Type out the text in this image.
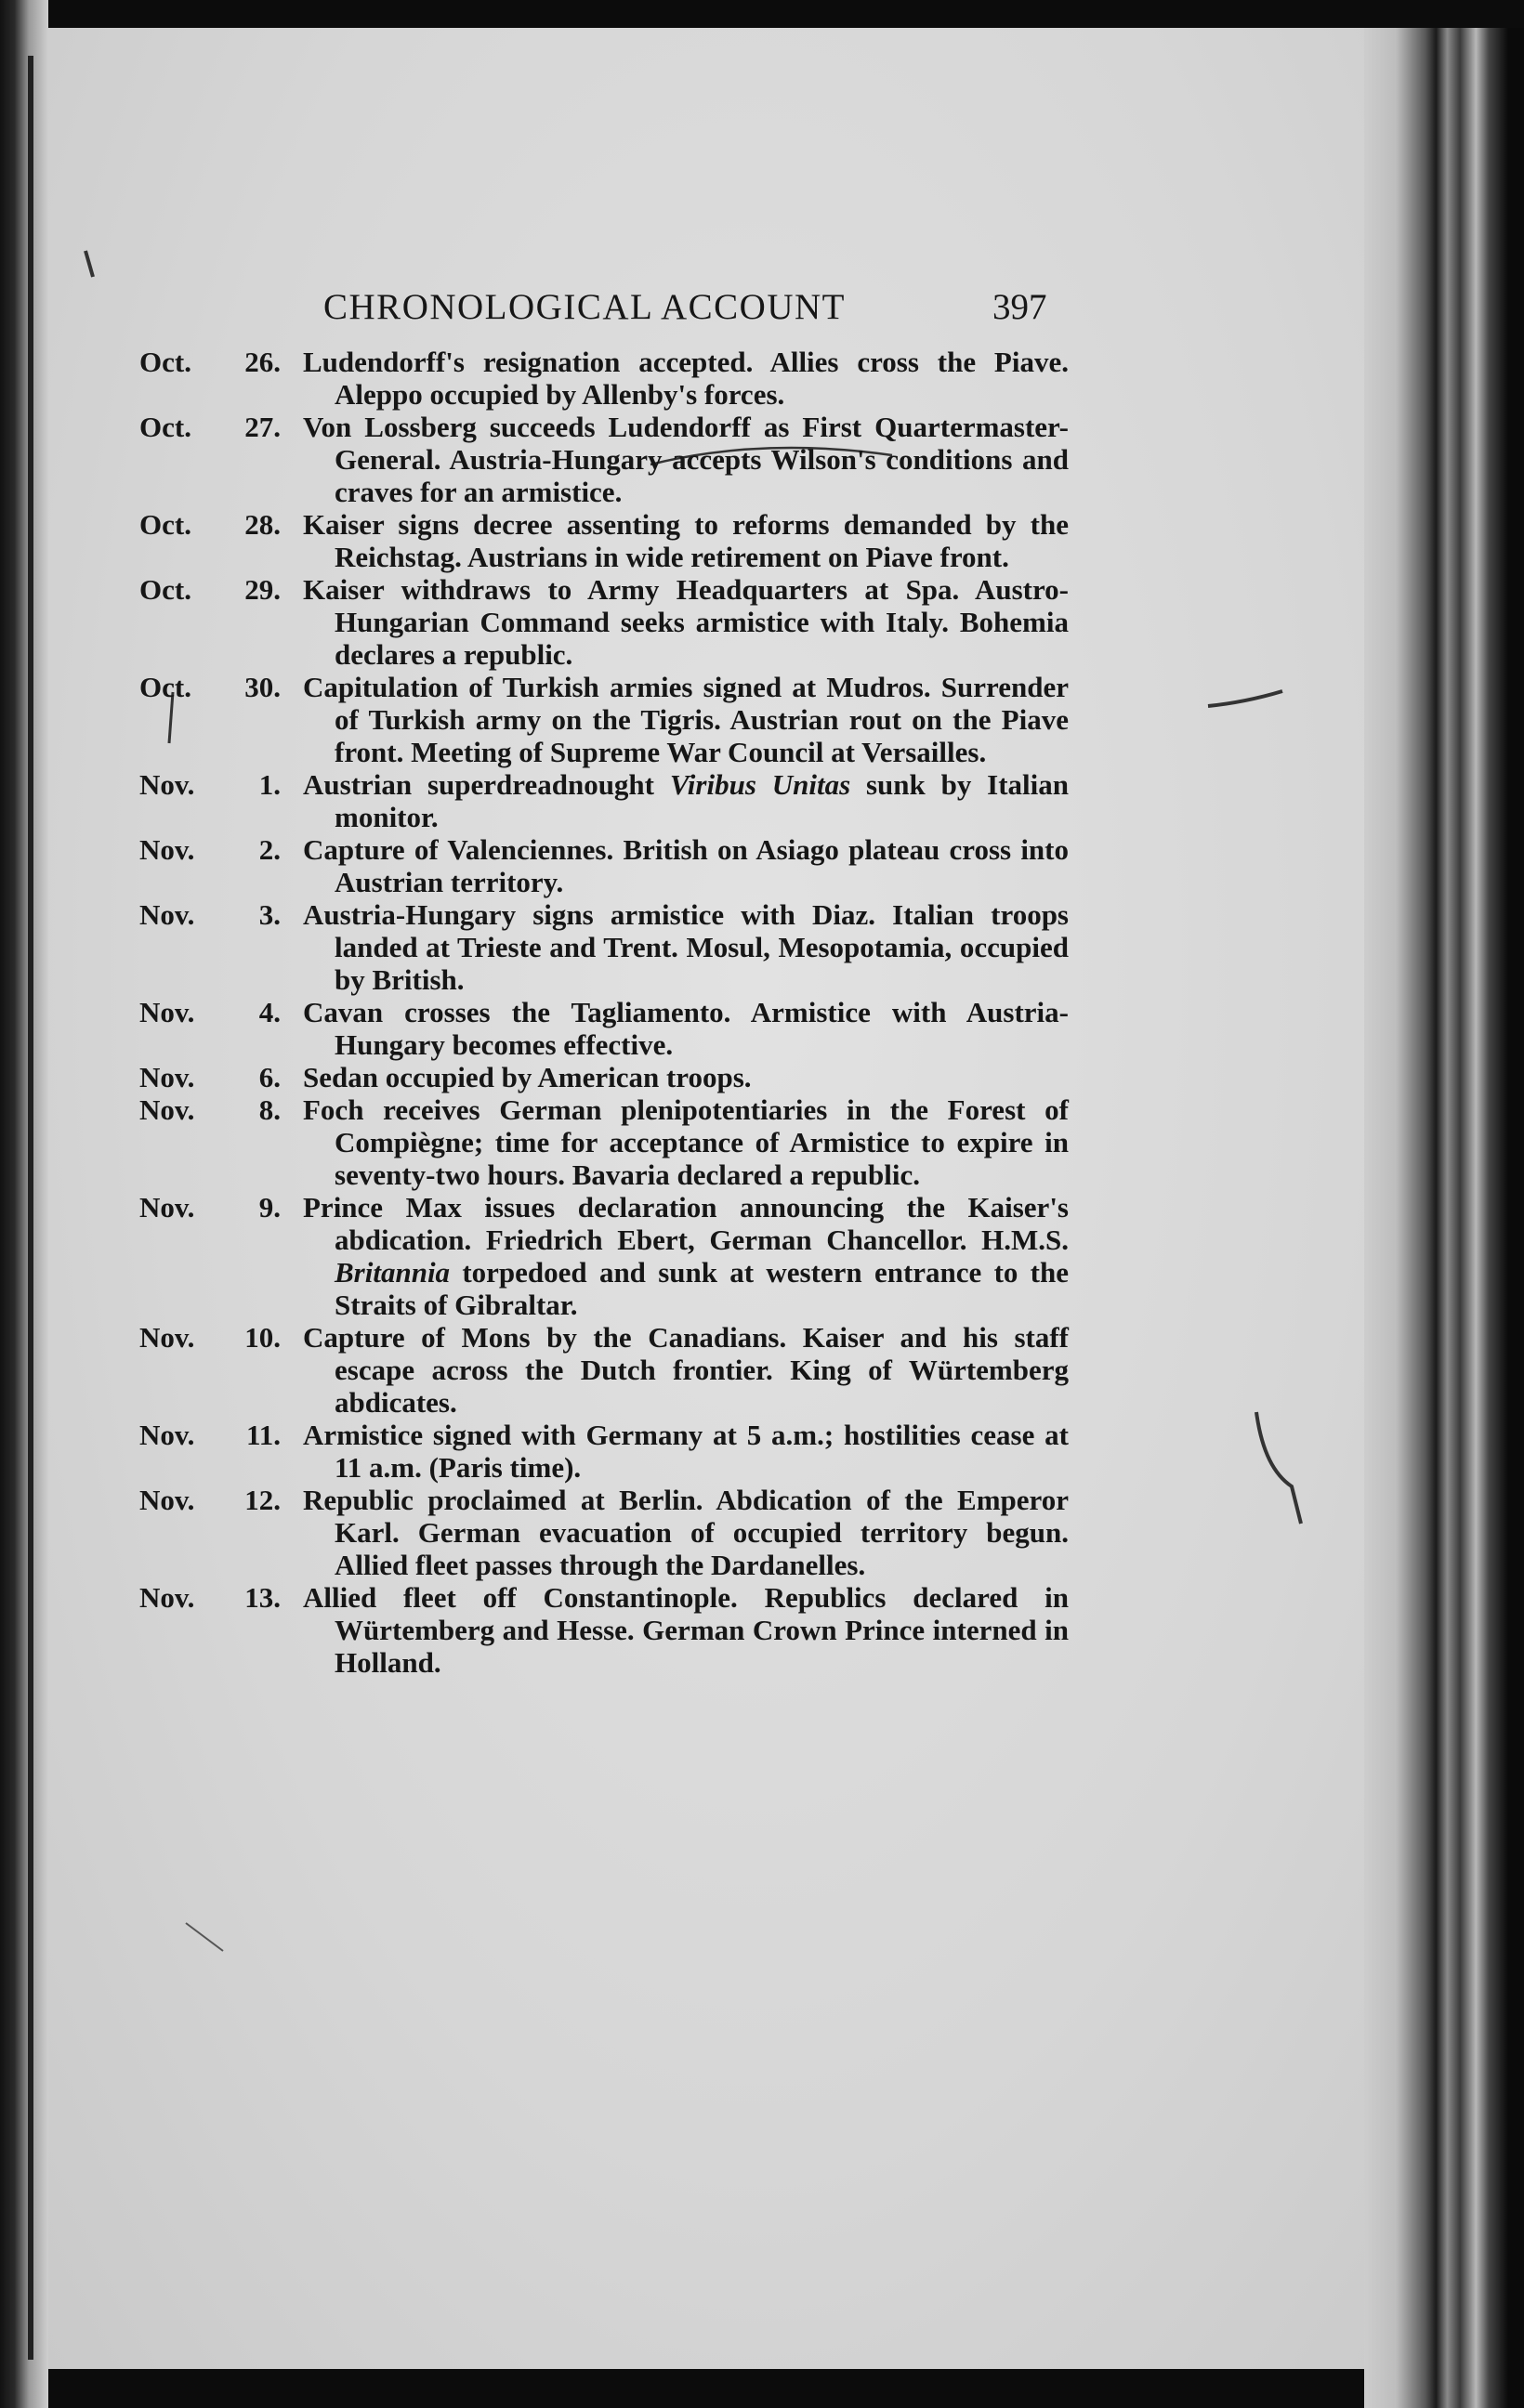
CHRONOLOGICAL ACCOUNT	397
Oct. 26. Ludendorff's resignation accepted. Allies cross the Piave. Aleppo occupied by Allenby's forces.
Oct. 27. Von Lossberg succeeds Ludendorff as First Quartermaster-General. Austria-Hungary accepts Wilson's conditions and craves for an armistice.
Oct. 28. Kaiser signs decree assenting to reforms demanded by the Reichstag. Austrians in wide retirement on Piave front.
Oct. 29. Kaiser withdraws to Army Headquarters at Spa. Austro-Hungarian Command seeks armistice with Italy. Bohemia declares a republic.
Oct. 30. Capitulation of Turkish armies signed at Mudros. Surrender of Turkish army on the Tigris. Austrian rout on the Piave front. Meeting of Supreme War Council at Versailles.
Nov. 1. Austrian superdreadnought Viribus Unitas sunk by Italian monitor.
Nov. 2. Capture of Valenciennes. British on Asiago plateau cross into Austrian territory.
Nov. 3. Austria-Hungary signs armistice with Diaz. Italian troops landed at Trieste and Trent. Mosul, Mesopotamia, occupied by British.
Nov. 4. Cavan crosses the Tagliamento. Armistice with Austria-Hungary becomes effective.
Nov. 6. Sedan occupied by American troops.
Nov. 8. Foch receives German plenipotentiaries in the Forest of Compiègne; time for acceptance of Armistice to expire in seventy-two hours. Bavaria declared a republic.
Nov. 9. Prince Max issues declaration announcing the Kaiser's abdication. Friedrich Ebert, German Chancellor. H.M.S. Britannia torpedoed and sunk at western entrance to the Straits of Gibraltar.
Nov. 10. Capture of Mons by the Canadians. Kaiser and his staff escape across the Dutch frontier. King of Würtemberg abdicates.
Nov. 11. Armistice signed with Germany at 5 a.m.; hostilities cease at 11 a.m. (Paris time).
Nov. 12. Republic proclaimed at Berlin. Abdication of the Emperor Karl. German evacuation of occupied territory begun. Allied fleet passes through the Dardanelles.
Nov. 13. Allied fleet off Constantinople. Republics declared in Würtemberg and Hesse. German Crown Prince interned in Holland.
